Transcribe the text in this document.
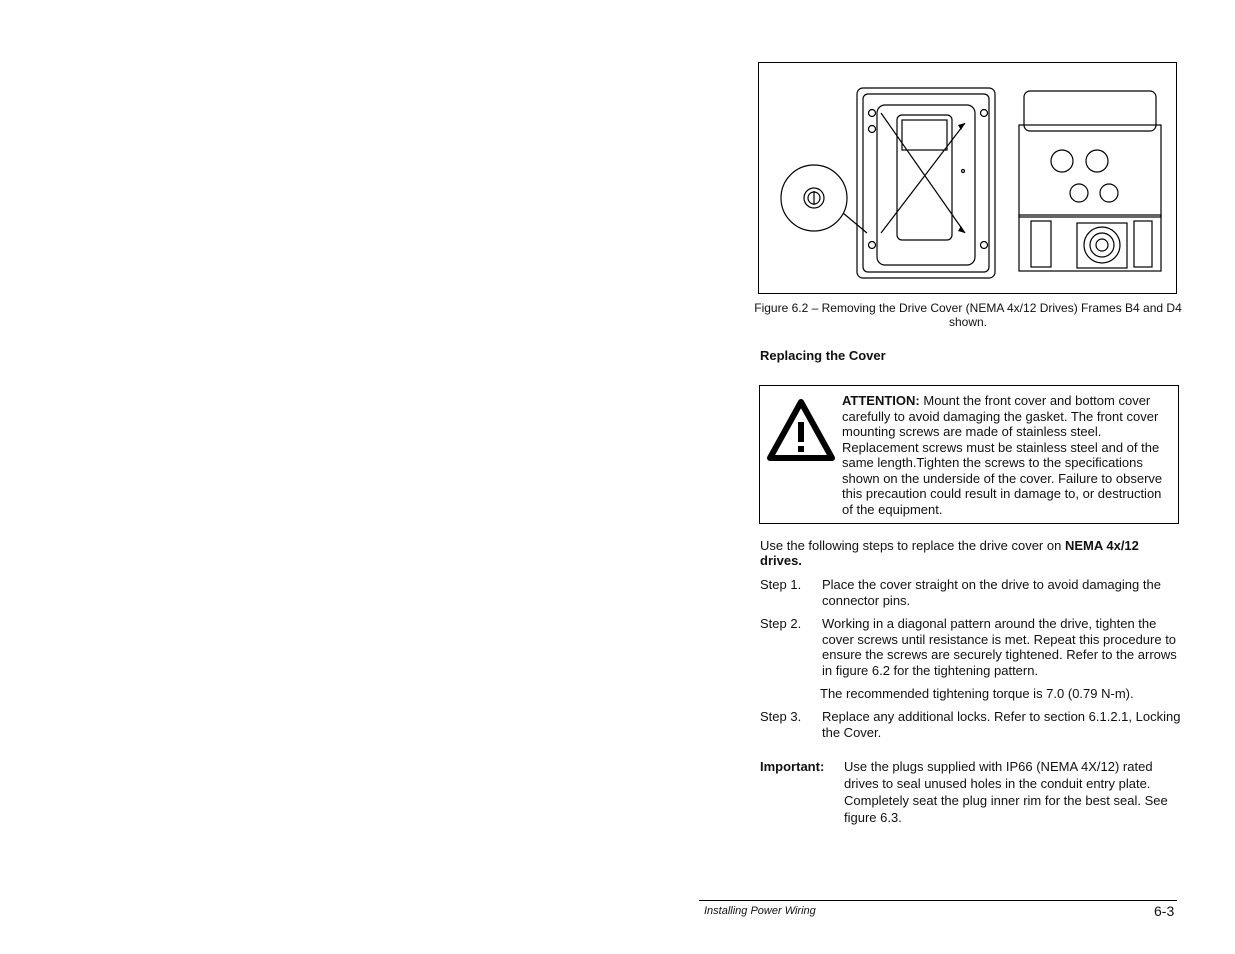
Figure 6.2 – Removing the Drive Cover (NEMA 4x/12 Drives) Frames B4 and D4 shown.
Replacing the Cover
ATTENTION: Mount the front cover and bottom cover carefully to avoid damaging the gasket. The front cover mounting screws are made of stainless steel. Replacement screws must be stainless steel and of the same length.Tighten the screws to the specifications shown on the underside of the cover. Failure to observe this precaution could result in damage to, or destruction of the equipment.
Use the following steps to replace the drive cover on NEMA 4x/12 drives.
Step 1. Place the cover straight on the drive to avoid damaging the connector pins.
Step 2. Working in a diagonal pattern around the drive, tighten the cover screws until resistance is met. Repeat this procedure to ensure the screws are securely tightened. Refer to the arrows in figure 6.2 for the tightening pattern.
The recommended tightening torque is 7.0 (0.79 N-m).
Step 3. Replace any additional locks. Refer to section 6.1.2.1, Locking the Cover.
Important: Use the plugs supplied with IP66 (NEMA 4X/12) rated drives to seal unused holes in the conduit entry plate. Completely seat the plug inner rim for the best seal. See figure 6.3.
Installing Power Wiring	6-3
